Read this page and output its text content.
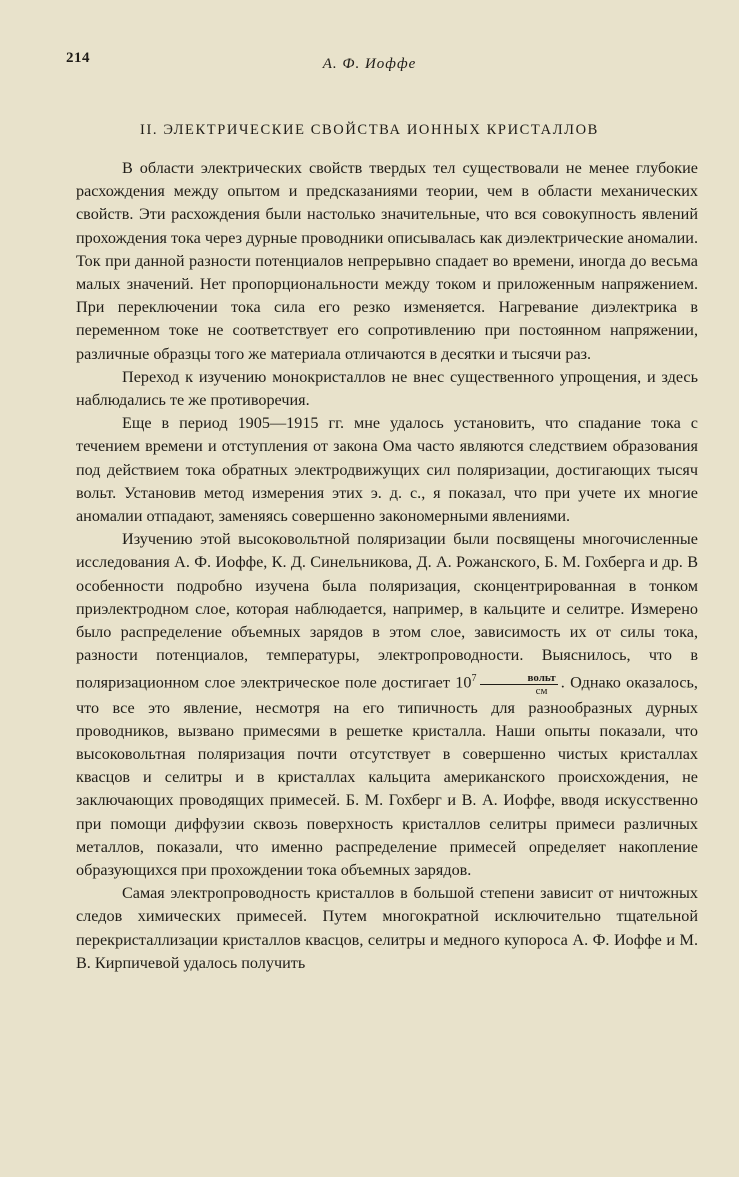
214	А. Ф. Иоффе
II. ЭЛЕКТРИЧЕСКИЕ СВОЙСТВА ИОННЫХ КРИСТАЛЛОВ

В области электрических свойств твердых тел существовали не менее глубокие расхождения между опытом и предсказаниями теории, чем в области механических свойств. Эти расхождения были настолько значительные, что вся совокупность явлений прохождения тока через дурные проводники описывалась как диэлектрические аномалии. Ток при данной разности потенциалов непрерывно спадает во времени, иногда до весьма малых значений. Нет пропорциональности между током и приложенным напряжением. При переключении тока сила его резко изменяется. Нагревание диэлектрика в переменном токе не соответствует его сопротивлению при постоянном напряжении, различные образцы того же материала отличаются в десятки и тысячи раз.

Переход к изучению монокристаллов не внес существенного упрощения, и здесь наблюдались те же противоречия.

Еще в период 1905—1915 гг. мне удалось установить, что спадание тока с течением времени и отступления от закона Ома часто являются следствием образования под действием тока обратных электродвижущих сил поляризации, достигающих тысяч вольт. Установив метод измерения этих э. д. с., я показал, что при учете их многие аномалии отпадают, заменяясь совершенно закономерными явлениями.

Изучению этой высоковольтной поляризации были посвящены многочисленные исследования А. Ф. Иоффе, К. Д. Синельникова, Д. А. Рожанского, Б. М. Гохберга и др. В особенности подробно изучена была поляризация, сконцентрированная в тонком приэлектродном слое, которая наблюдается, например, в кальците и селитре. Измерено было распределение объемных зарядов в этом слое, зависимость их от силы тока, разности потенциалов, температуры, электропроводности. Выяснилось, что в поляризационном слое электрическое поле достигает $10^7 \frac{\text{вольт}}{см}$ . Однако оказалось, что все это явление, несмотря на его типичность для разнообразных дурных проводников, вызвано примесями в решетке кристалла. Наши опыты показали, что высоковольтная поляризация почти отсутствует в совершенно чистых кристаллах квасцов и селитры и в кристаллах кальцита американского происхождения, не заключающих проводящих примесей. Б. М. Гохберг и В. А. Иоффе, вводя искусственно при помощи диффузии сквозь поверхность кристаллов селитры примеси различных металлов, показали, что именно распределение примесей определяет накопление образующихся при прохождении тока объемных зарядов.

Самая электропроводность кристаллов в большой степени зависит от ничтожных следов химических примесей. Путем многократной исключительно тщательной перекристаллизации кристаллов квасцов, селитры и медного купороса А. Ф. Иоффе и М. В. Кирпичевой удалось получить
